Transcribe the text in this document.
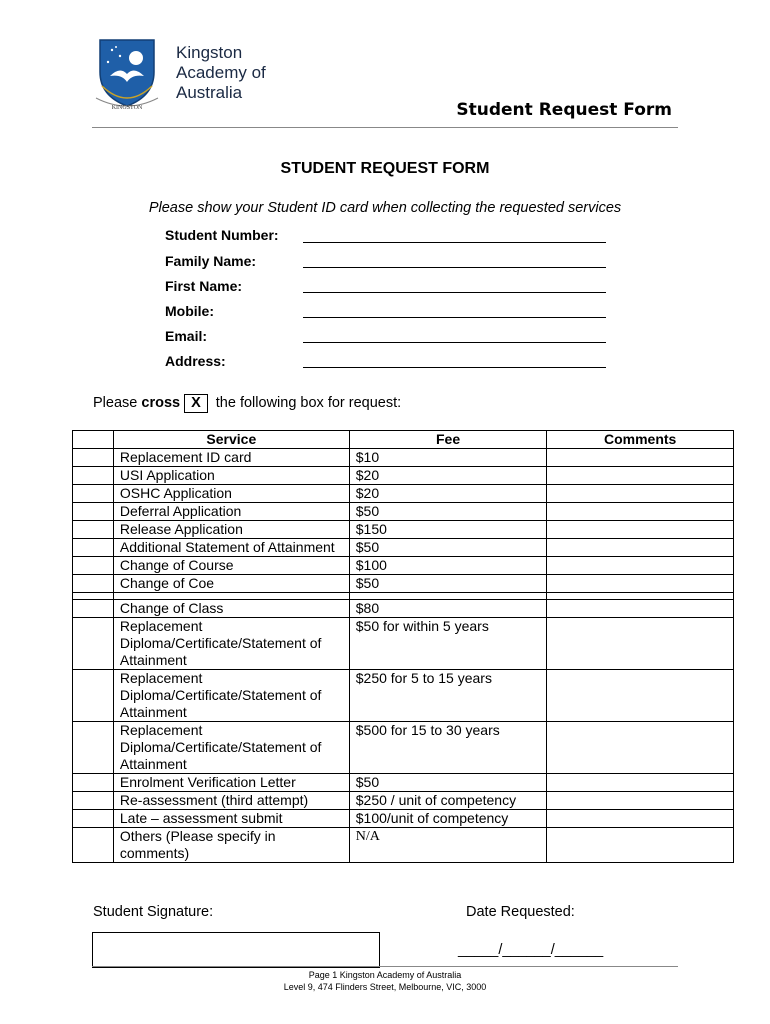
KINGSTON
Kingston
Academy of
Australia
Student Request Form
STUDENT REQUEST FORM
Please show your Student ID card when collecting the requested services
Student Number:
Family Name:
First Name:
Mobile:
Email:
Address:
Please cross X the following box for request:
	Service	Fee	Comments
	Replacement ID card	$10	
	USI Application	$20	
	OSHC Application	$20	
	Deferral Application	$50	
	Release Application	$150	
	Additional Statement of Attainment	$50	
	Change of Course	$100	
	Change of Coe	$50	

	Change of Class	$80	
	Replacement Diploma/Certificate/Statement of Attainment	$50 for within 5 years	
	Replacement Diploma/Certificate/Statement of Attainment	$250 for 5 to 15 years	
	Replacement Diploma/Certificate/Statement of Attainment	$500 for 15 to 30 years	
	Enrolment Verification Letter	$50	
	Re-assessment (third attempt)	$250 / unit of competency	
	Late – assessment submit	$100/unit of competency	
	Others (Please specify in comments)	N/A	
Student Signature:	Date Requested:
_____/______/______
Page 1 Kingston Academy of Australia
Level 9, 474 Flinders Street, Melbourne, VIC, 3000
